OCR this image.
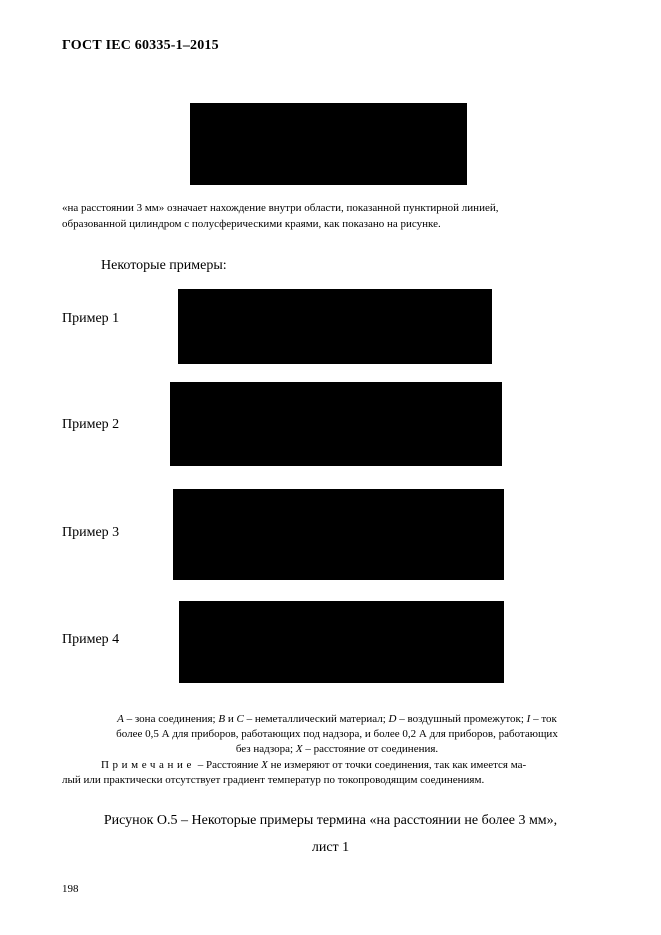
ГОСТ IEC 60335-1–2015
«на расстоянии 3 мм» означает нахождение внутри области, показанной пунктирной линией,
образованной цилиндром с полусферическими краями, как показано на рисунке.
Некоторые примеры:
Пример 1
Пример 2
Пример 3
Пример 4
A – зона соединения; B и C – неметаллический материал; D – воздушный промежуток; I – ток
более 0,5 А для приборов, работающих под надзора, и более 0,2 А для приборов, работающих
без надзора; X – расстояние от соединения.
Примечание – Расстояние X не измеряют от точки соединения, так как имеется ма-
лый или практически отсутствует градиент температур по токопроводящим соединениям.
Рисунок О.5 – Некоторые примеры термина «на расстоянии не более 3 мм»,
лист 1
198
